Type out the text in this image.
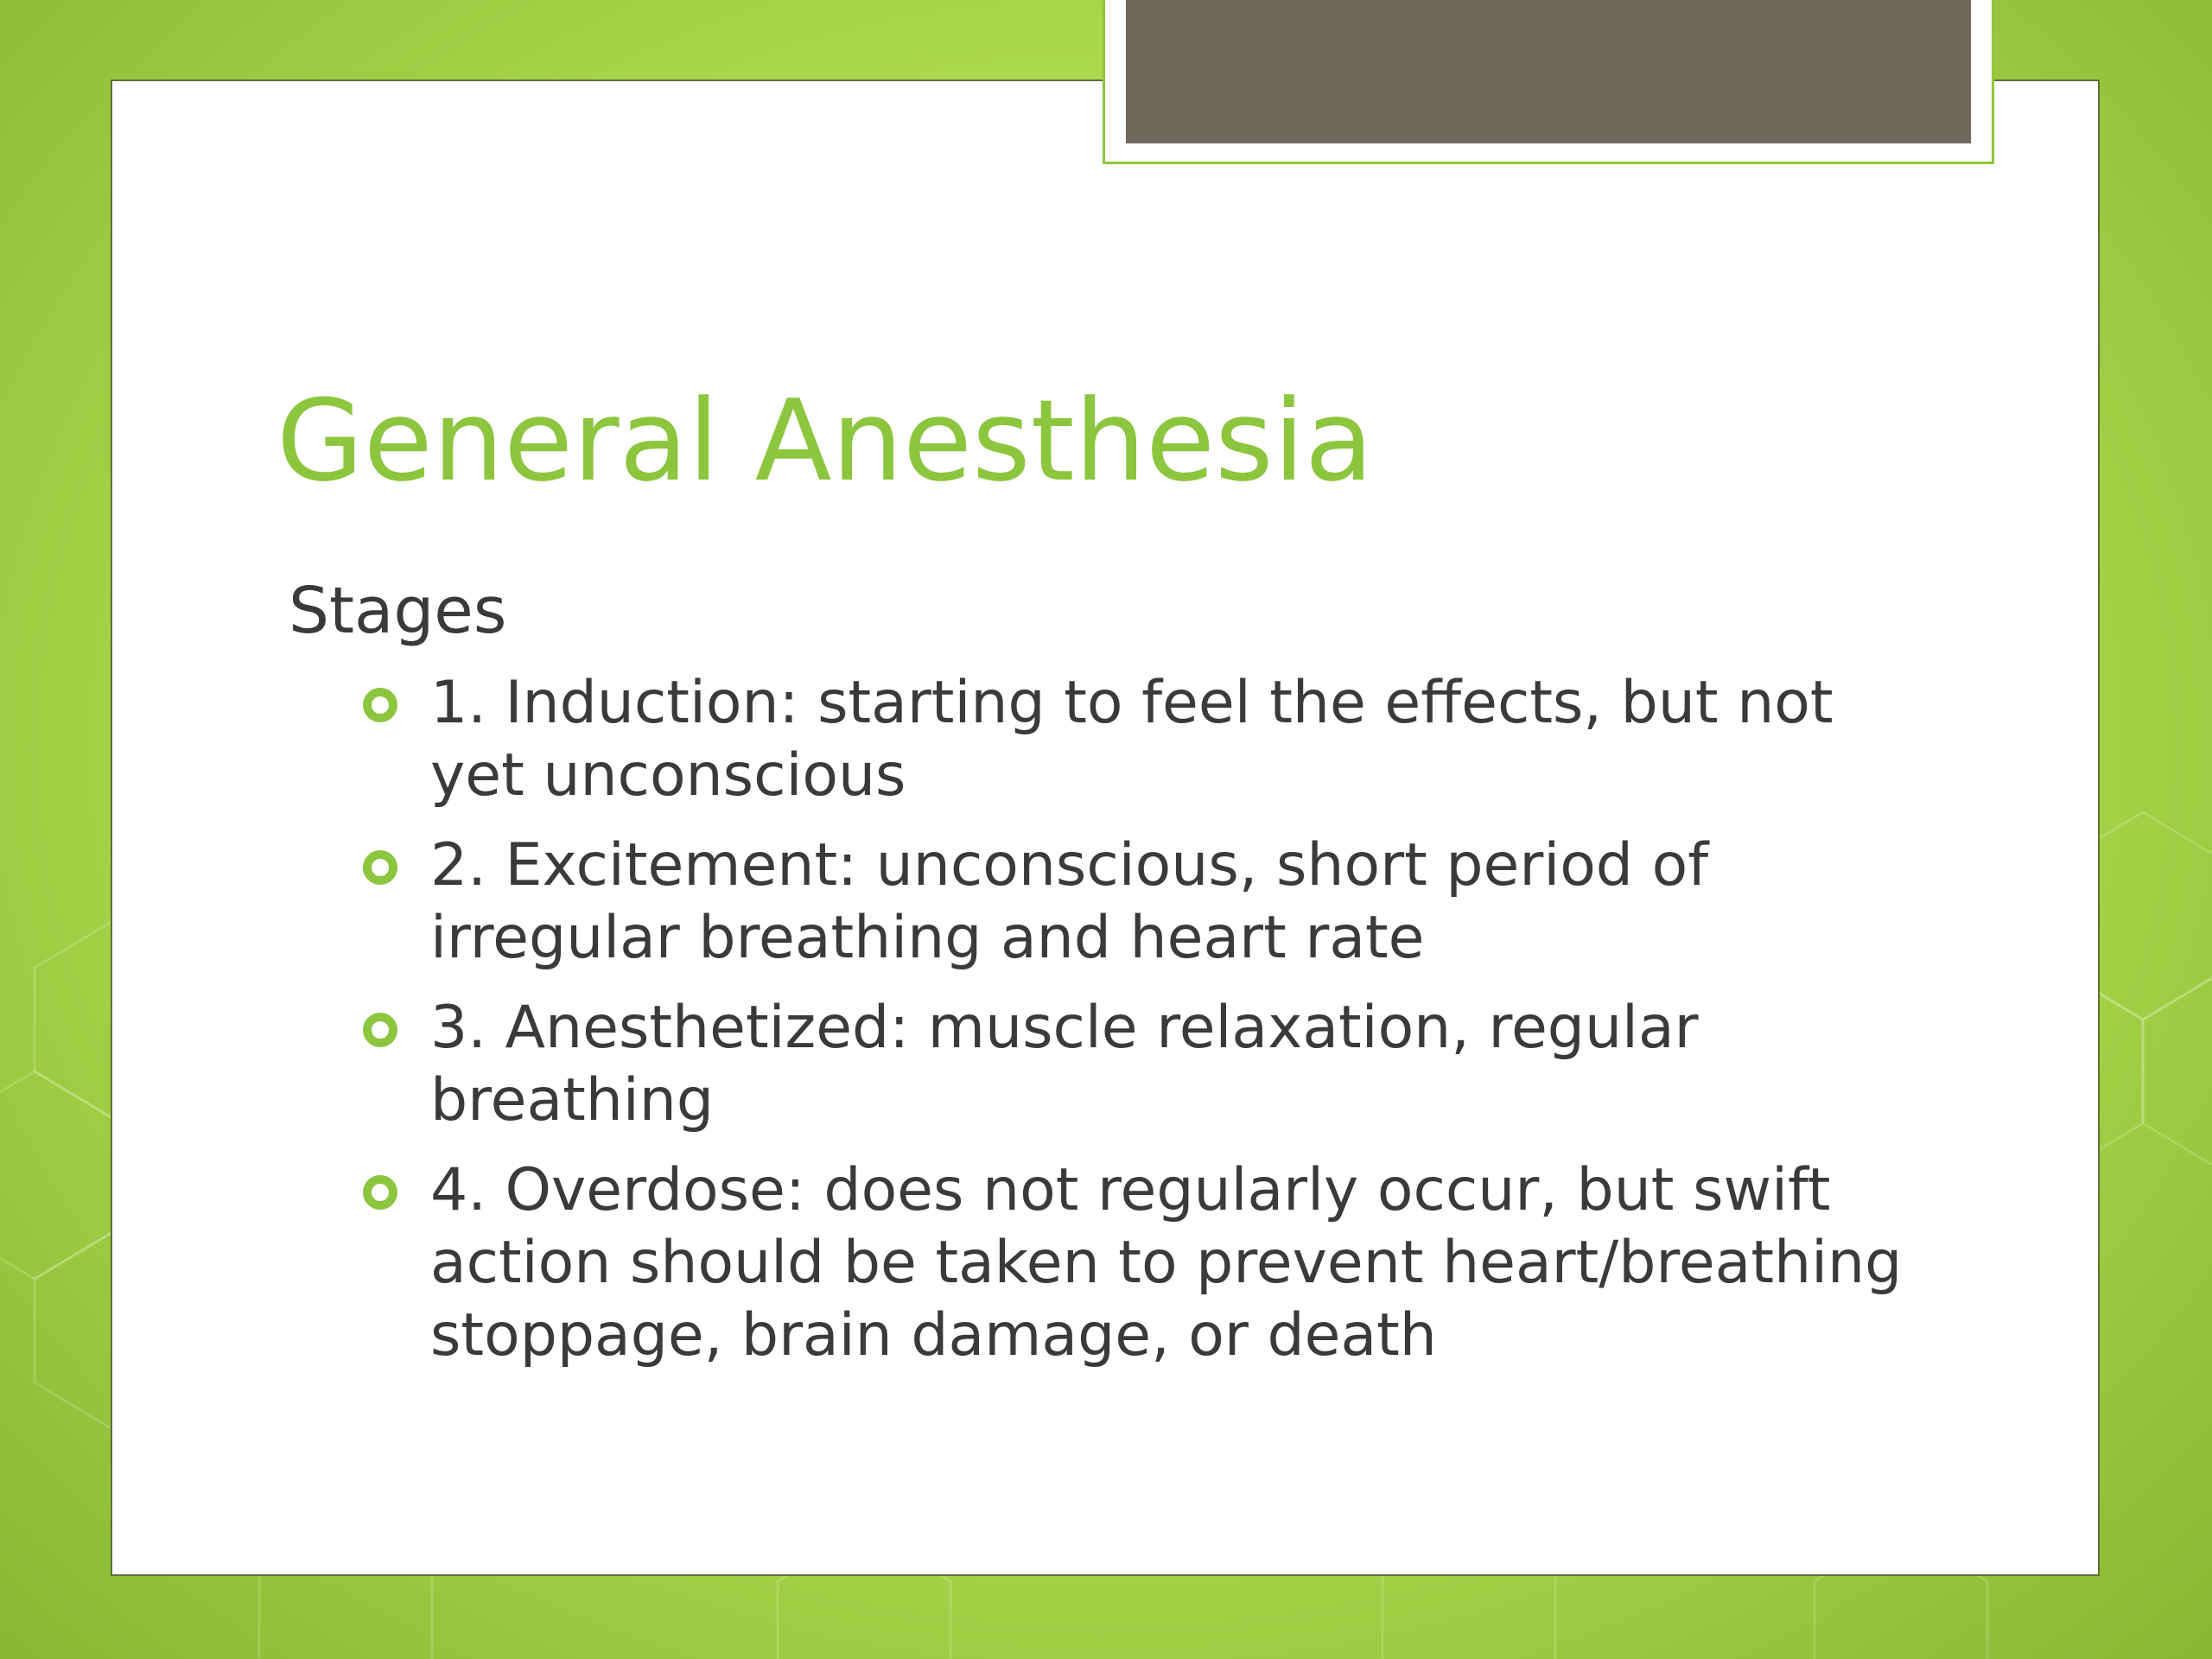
General Anesthesia

Stages

1. Induction: starting to feel the effects, but not yet unconscious
2. Excitement: unconscious, short period of irregular breathing and heart rate
3. Anesthetized: muscle relaxation, regular breathing
4. Overdose: does not regularly occur, but swift action should be taken to prevent heart/breathing stoppage, brain damage, or death
